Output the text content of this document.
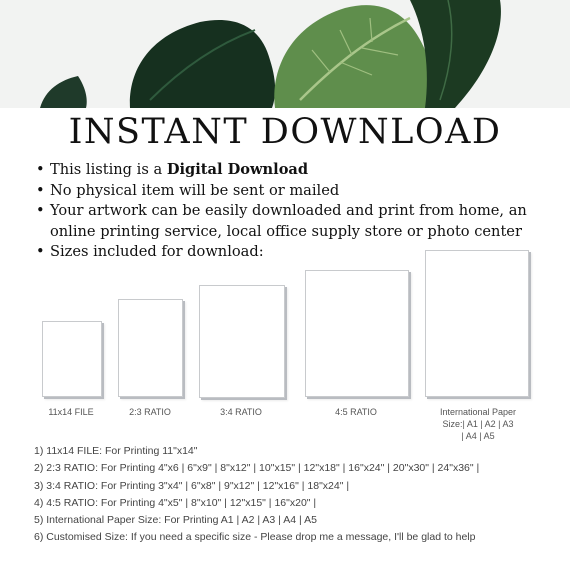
INSTANT DOWNLOAD
• This listing is a Digital Download
• No physical item will be sent or mailed
• Your artwork can be easily downloaded and print from home, an
online printing service, local office supply store or photo center
• Sizes included for download:
11x14 FILE	2:3 RATIO	3:4 RATIO	4:5 RATIO	International Paper
Size:| A1 | A2 | A3
| A4 | A5
1) 11x14 FILE: For Printing 11"x14"
2) 2:3 RATIO: For Printing 4"x6 | 6"x9" | 8"x12" | 10"x15" | 12"x18" | 16"x24" | 20"x30" | 24"x36" |
3) 3:4 RATIO: For Printing 3"x4" | 6"x8" | 9"x12" | 12"x16" | 18"x24" |
4) 4:5 RATIO: For Printing 4"x5" | 8"x10" | 12"x15" | 16"x20" |
5) International Paper Size: For Printing A1 | A2 | A3 | A4 | A5
6) Customised Size: If you need a specific size - Please drop me a message, I'll be glad to help
